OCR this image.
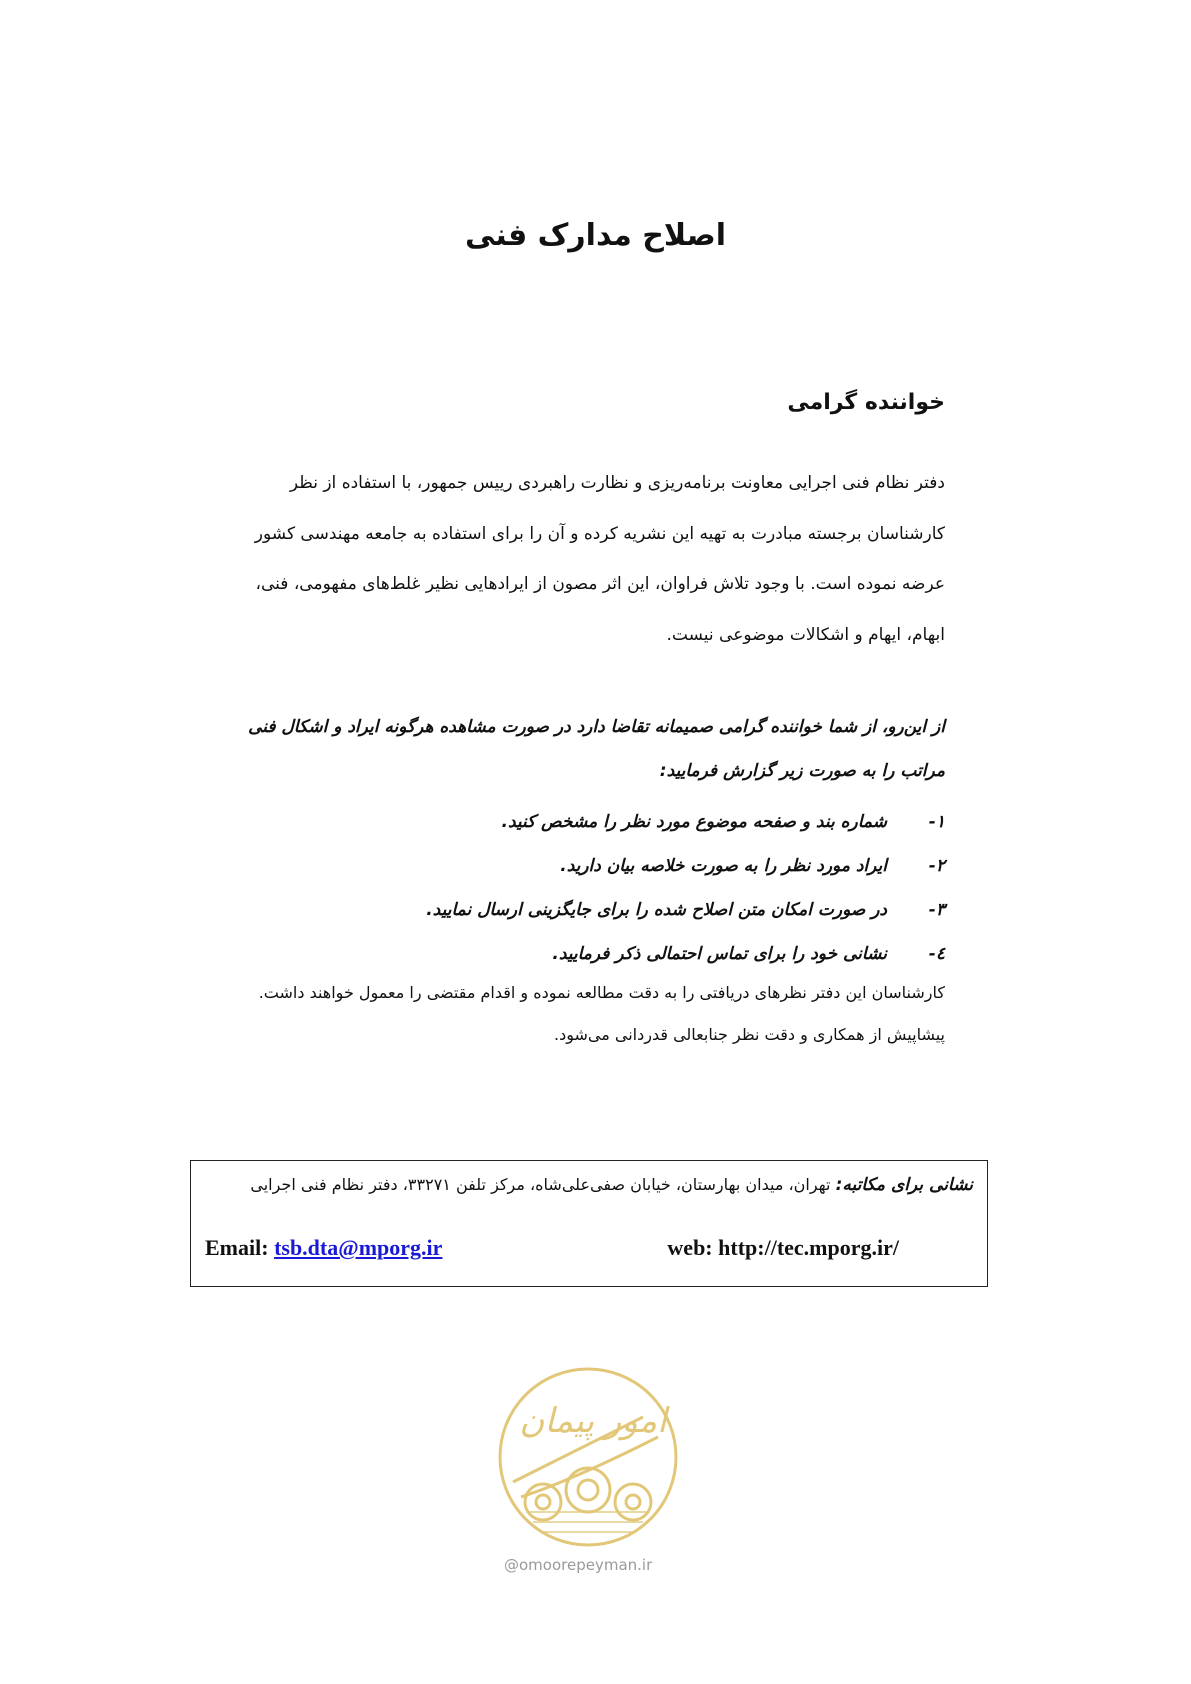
اصلاح مدارک فنی
خواننده گرامی

دفتر نظام فنی اجرایی معاونت برنامه‌ریزی و نظارت راهبردی رییس جمهور، با استفاده از نظر

کارشناسان برجسته مبادرت به تهیه این نشریه کرده و آن را برای استفاده به جامعه مهندسی کشور

عرضه نموده است. با وجود تلاش فراوان، این اثر مصون از ایرادهایی نظیر غلط‌های مفهومی، فنی،

ابهام، ایهام و اشکالات موضوعی نیست.

از این‌رو، از شما خواننده گرامی صمیمانه تقاضا دارد در صورت مشاهده هرگونه ایراد و اشکال فنی
مراتب را به صورت زیر گزارش فرمایید:
۱-شماره بند و صفحه موضوع مورد نظر را مشخص کنید.
۲-ایراد مورد نظر را به صورت خلاصه بیان دارید.
۳-در صورت امکان متن اصلاح شده را برای جایگزینی ارسال نمایید.
٤-نشانی خود را برای تماس احتمالی ذکر فرمایید.

کارشناسان این دفتر نظرهای دریافتی را به دقت مطالعه نموده و اقدام مقتضی را معمول خواهند داشت.

پیشاپیش از همکاری و دقت نظر جنابعالی قدردانی می‌شود.

نشانی برای مکاتبه: تهران، میدان بهارستان، خیابان صفی‌علی‌شاه، مرکز تلفن ۳۳۲۷۱، دفتر نظام فنی اجرایی
Email: tsb.dta@mporg.ir	web: http://tec.mporg.ir/
امور پیمان
@omoorepeyman.ir
